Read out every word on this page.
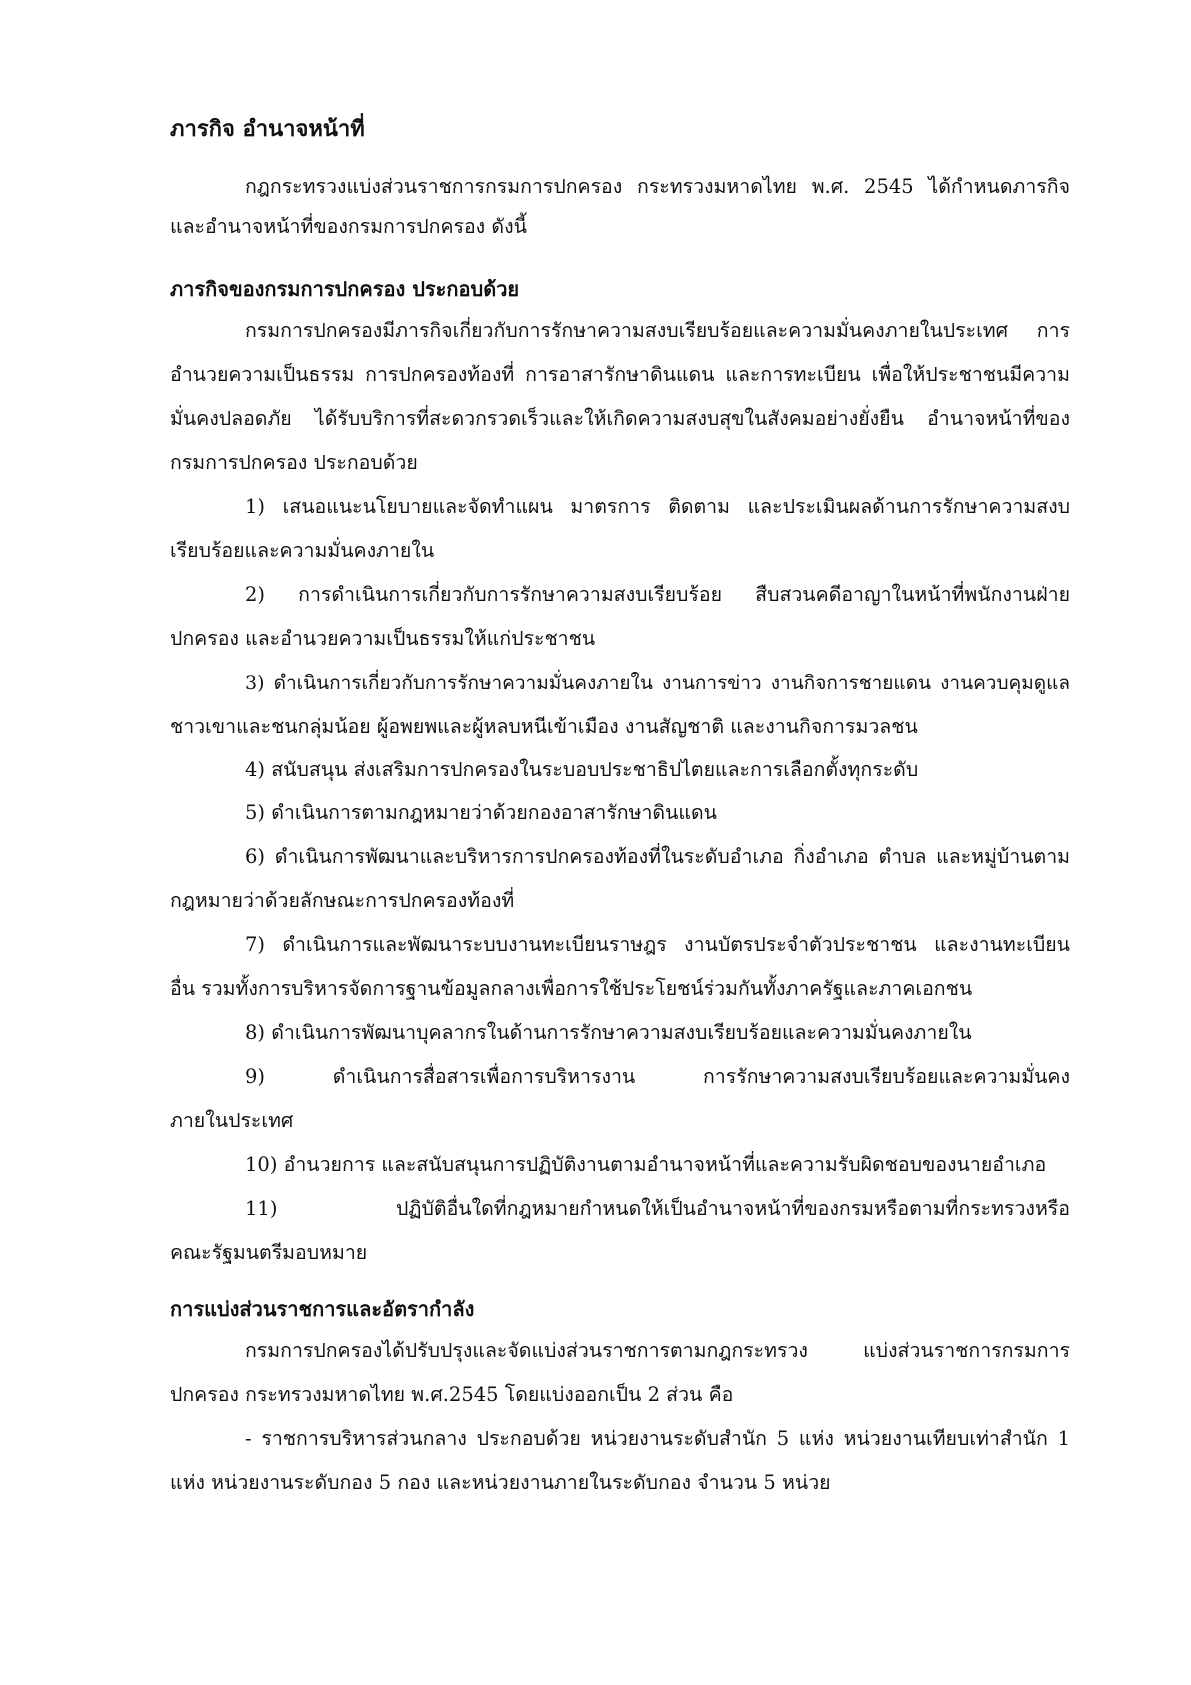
ภารกิจ อำนาจหน้าที่
กฎกระทรวงแบ่งส่วนราชการกรมการปกครอง กระทรวงมหาดไทย พ.ศ. 2545 ได้กำหนดภารกิจ
และอำนาจหน้าที่ของกรมการปกครอง ดังนี้
ภารกิจของกรมการปกครอง ประกอบด้วย
กรมการปกครองมีภารกิจเกี่ยวกับการรักษาความสงบเรียบร้อยและความมั่นคงภายในประเทศ การ
อำนวยความเป็นธรรม การปกครองท้องที่ การอาสารักษาดินแดน และการทะเบียน เพื่อให้ประชาชนมีความ
มั่นคงปลอดภัย ได้รับบริการที่สะดวกรวดเร็วและให้เกิดความสงบสุขในสังคมอย่างยั่งยืน อำนาจหน้าที่ของ
กรมการปกครอง ประกอบด้วย
1) เสนอแนะนโยบายและจัดทำแผน มาตรการ ติดตาม และประเมินผลด้านการรักษาความสงบ
เรียบร้อยและความมั่นคงภายใน
2) การดำเนินการเกี่ยวกับการรักษาความสงบเรียบร้อย สืบสวนคดีอาญาในหน้าที่พนักงานฝ่าย
ปกครอง และอำนวยความเป็นธรรมให้แก่ประชาชน
3) ดำเนินการเกี่ยวกับการรักษาความมั่นคงภายใน งานการข่าว งานกิจการชายแดน งานควบคุมดูแล
ชาวเขาและชนกลุ่มน้อย ผู้อพยพและผู้หลบหนีเข้าเมือง งานสัญชาติ และงานกิจการมวลชน
4) สนับสนุน ส่งเสริมการปกครองในระบอบประชาธิปไตยและการเลือกตั้งทุกระดับ
5) ดำเนินการตามกฎหมายว่าด้วยกองอาสารักษาดินแดน
6) ดำเนินการพัฒนาและบริหารการปกครองท้องที่ในระดับอำเภอ กิ่งอำเภอ ตำบล และหมู่บ้านตาม
กฎหมายว่าด้วยลักษณะการปกครองท้องที่
7) ดำเนินการและพัฒนาระบบงานทะเบียนราษฎร งานบัตรประจำตัวประชาชน และงานทะเบียน
อื่น รวมทั้งการบริหารจัดการฐานข้อมูลกลางเพื่อการใช้ประโยชน์ร่วมกันทั้งภาครัฐและภาคเอกชน
8) ดำเนินการพัฒนาบุคลากรในด้านการรักษาความสงบเรียบร้อยและความมั่นคงภายใน
9) ดำเนินการสื่อสารเพื่อการบริหารงาน การรักษาความสงบเรียบร้อยและความมั่นคง
ภายในประเทศ
10) อำนวยการ และสนับสนุนการปฏิบัติงานตามอำนาจหน้าที่และความรับผิดชอบของนายอำเภอ
11) ปฏิบัติอื่นใดที่กฎหมายกำหนดให้เป็นอำนาจหน้าที่ของกรมหรือตามที่กระทรวงหรือ
คณะรัฐมนตรีมอบหมาย
การแบ่งส่วนราชการและอัตรากำลัง
กรมการปกครองได้ปรับปรุงและจัดแบ่งส่วนราชการตามกฎกระทรวง แบ่งส่วนราชการกรมการ
ปกครอง กระทรวงมหาดไทย พ.ศ.2545 โดยแบ่งออกเป็น 2 ส่วน คือ
- ราชการบริหารส่วนกลาง ประกอบด้วย หน่วยงานระดับสำนัก 5 แห่ง หน่วยงานเทียบเท่าสำนัก 1
แห่ง หน่วยงานระดับกอง 5 กอง และหน่วยงานภายในระดับกอง จำนวน 5 หน่วย
